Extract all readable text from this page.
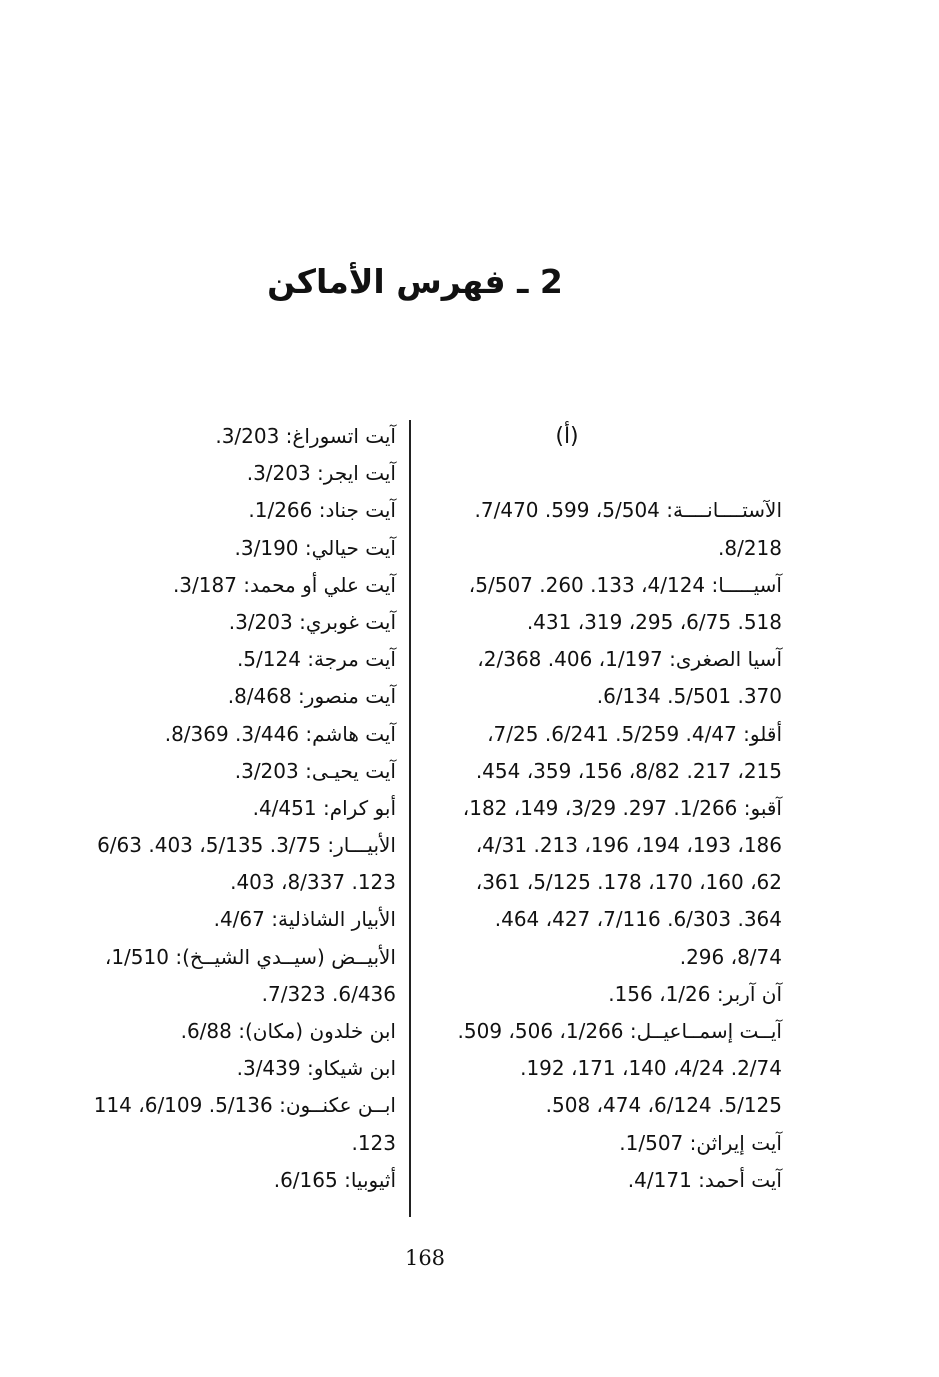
2 ـ فهرس الأماكن
(أ)
الآستــــانــــة: 5/504، 599. 7/470.
8/218.
آسيـــــا: 4/124، 133. 260. 5/507،
518. 6/75، 295، 319، 431.
آسيا الصغرى: 1/197، 406. 2/368،
370. 5/501. 6/134.
أقلو: 4/47. 5/259. 6/241. 7/25،
215، 217. 8/82، 156، 359، 454.
آقبو: 1/266. 297. 3/29، 149، 182،
186، 193، 194، 196، 213. 4/31،
62، 160، 170، 178. 5/125، 361،
364. 6/303. 7/116، 427، 464.
8/74، 296.
آن آربر: 1/26، 156.
آيــت إسمــاعيــل: 1/266، 506، 509.
2/74. 4/24، 140، 171، 192.
5/125. 6/124، 474، 508.
آيت إيراثن: 1/507.
آيت أحمد: 4/171.
آيت اتسوراغ: 3/203.
آيت ايجر: 3/203.
آيت جناد: 1/266.
آيت حيالي: 3/190.
آيت علي أو محمد: 3/187.
آيت غوبري: 3/203.
آيت مرجة: 5/124.
آيت منصور: 8/468.
آيت هاشم: 3/446. 8/369.
آيت يحيـى: 3/203.
أبو كرام: 4/451.
الأبيـــار: 3/75. 5/135، 403. 6/63
123. 8/337، 403.
الأبيار الشاذلية: 4/67.
الأبيــض (سيــدي الشيــخ): 1/510،
6/436. 7/323.
ابن خلدون (مكان): 6/88.
ابن شيكاو: 3/439.
ابــن عكنــون: 5/136. 6/109، 114
123.
أثيوبيا: 6/165.
168
